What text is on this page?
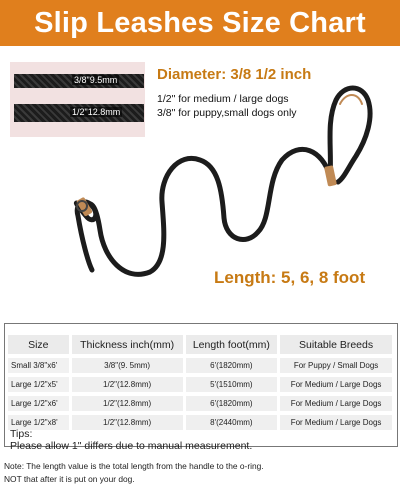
Slip Leashes Size Chart
3/8"9.5mm
1/2"12.8mm
Diameter: 3/8 1/2 inch
1/2" for medium / large dogs
3/8" for puppy,small dogs only
Length: 5, 6, 8 foot
Size	Thickness inch(mm)	Length foot(mm)	Suitable Breeds
Small 3/8"x6'	3/8"(9. 5mm)	6'(1820mm)	For Puppy / Small Dogs
Large 1/2"x5'	1/2"(12.8mm)	5'(1510mm)	For Medium / Large Dogs
Large 1/2"x6'	1/2"(12.8mm)	6'(1820mm)	For Medium / Large Dogs
Large 1/2"x8'	1/2"(12.8mm)	8'(2440mm)	For Medium / Large Dogs
Tips:
Please allow 1" differs due to manual measurement.
Note: The length value is the total length from the handle to the o-ring.
NOT that after it is put on your dog.
